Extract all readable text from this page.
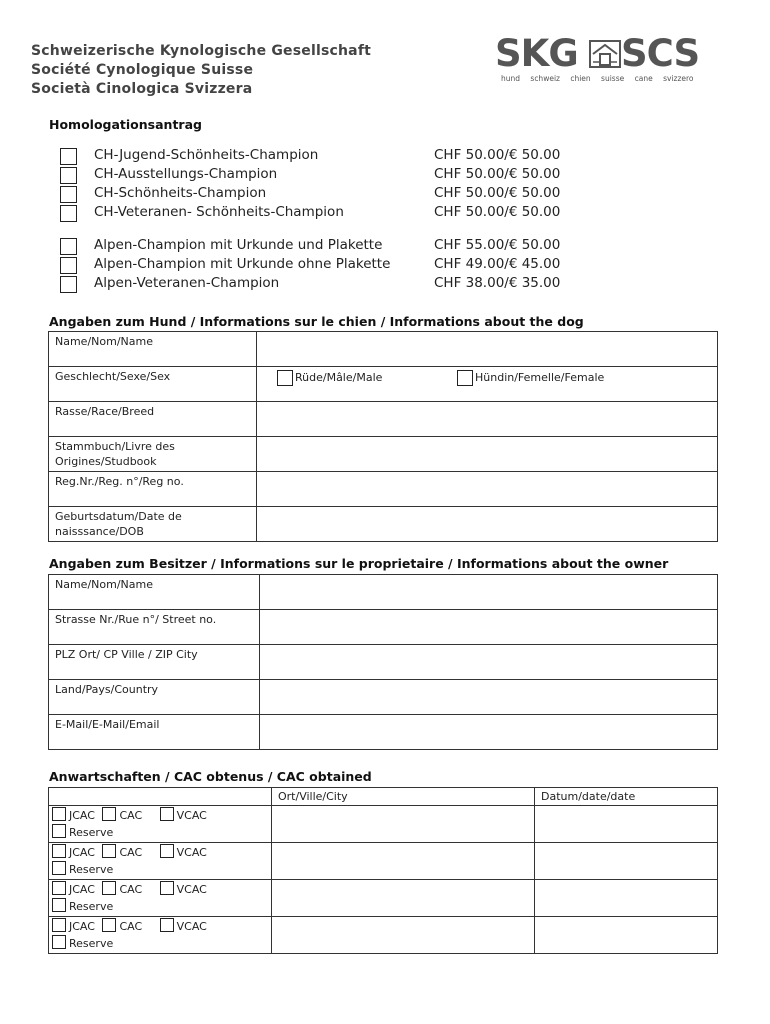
Schweizerische Kynologische Gesellschaft
Société Cynologique Suisse
Società Cinologica Svizzera
SKG SCS
hund schweiz chien suisse cane svizzero
Homologationsantrag
CH-Jugend-Schönheits-Champion	CHF 50.00/€ 50.00
CH-Ausstellungs-Champion	CHF 50.00/€ 50.00
CH-Schönheits-Champion	CHF 50.00/€ 50.00
CH-Veteranen- Schönheits-Champion	CHF 50.00/€ 50.00
Alpen-Champion mit Urkunde und Plakette	CHF 55.00/€ 50.00
Alpen-Champion mit Urkunde ohne Plakette	CHF 49.00/€ 45.00
Alpen-Veteranen-Champion	CHF 38.00/€ 35.00
Angaben zum Hund / Informations sur le chien / Informations about the dog
Name/Nom/Name	
Geschlecht/Sexe/Sex	Rüde/Mâle/Male Hündin/Femelle/Female

Rasse/Race/Breed	

Stammbuch/Livre des
Origines/Studbook	

Reg.Nr./Reg. n°/Reg no.	

Geburtsdatum/Date de
naisssance/DOB	

Angaben zum Besitzer / Informations sur le proprietaire / Informations about the owner
Name/Nom/Name	
Strasse Nr./Rue n°/ Street no.	
PLZ Ort/ CP Ville / ZIP City	
Land/Pays/Country	
E-Mail/E-Mail/Email	
Anwartschaften / CAC obtenus / CAC obtained
	Ort/Ville/City	Datum/date/date
JCAC CAC VCAC
Reserve		
JCAC CAC VCAC
Reserve		
JCAC CAC VCAC
Reserve		
JCAC CAC VCAC
Reserve		
